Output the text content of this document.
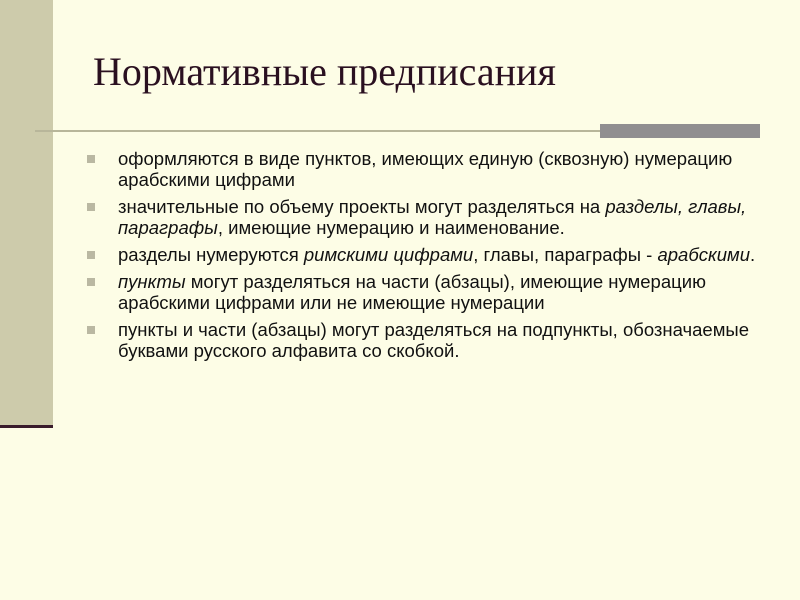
Нормативные предписания
оформляются в виде пунктов, имеющих единую (сквозную) нумерацию арабскими цифрами
значительные по объему проекты могут разделяться на разделы, главы, параграфы, имеющие нумерацию и наименование.
разделы нумеруются римскими цифрами, главы, параграфы - арабскими.
пункты могут разделяться на части (абзацы), имеющие нумерацию арабскими цифрами или не имеющие нумерации
пункты и части (абзацы) могут разделяться на подпункты, обозначаемые буквами русского алфавита со скобкой.
